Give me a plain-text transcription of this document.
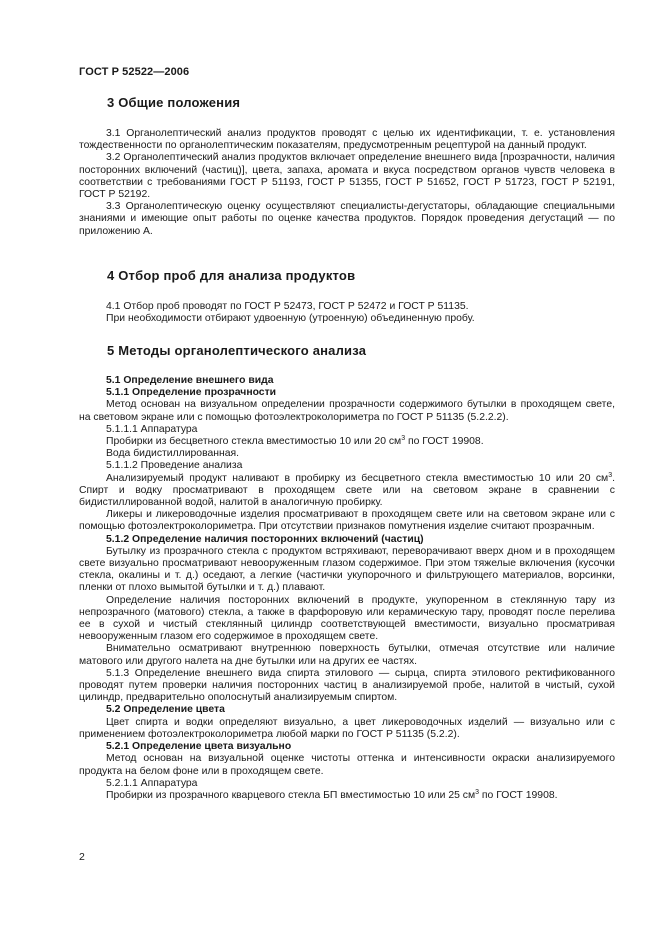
ГОСТ Р 52522—2006
3 Общие положения

3.1 Органолептический анализ продуктов проводят с целью их идентификации, т. е. установления тождественности по органолептическим показателям, предусмотренным рецептурой на данный продукт.

3.2 Органолептический анализ продуктов включает определение внешнего вида [прозрачности, наличия посторонних включений (частиц)], цвета, запаха, аромата и вкуса посредством органов чувств человека в соответствии с требованиями ГОСТ Р 51193, ГОСТ Р 51355, ГОСТ Р 51652, ГОСТ Р 51723, ГОСТ Р 52191, ГОСТ Р 52192.

3.3 Органолептическую оценку осуществляют специалисты-дегустаторы, обладающие специальными знаниями и имеющие опыт работы по оценке качества продуктов. Порядок проведения дегустаций — по приложению А.

4 Отбор проб для анализа продуктов

4.1 Отбор проб проводят по ГОСТ Р 52473, ГОСТ Р 52472 и ГОСТ Р 51135.

При необходимости отбирают удвоенную (утроенную) объединенную пробу.

5 Методы органолептического анализа

5.1 Определение внешнего вида

5.1.1 Определение прозрачности

Метод основан на визуальном определении прозрачности содержимого бутылки в проходящем свете, на световом экране или с помощью фотоэлектроколориметра по ГОСТ Р 51135 (5.2.2.2).

5.1.1.1 Аппаратура

Пробирки из бесцветного стекла вместимостью 10 или 20 $см^3$ по ГОСТ 19908.

Вода бидистиллированная.

5.1.1.2 Проведение анализа

Анализируемый продукт наливают в пробирку из бесцветного стекла вместимостью 10 или 20 $см^3$. Спирт и водку просматривают в проходящем свете или на световом экране в сравнении с бидистиллированной водой, налитой в аналогичную пробирку.

Ликеры и ликероводочные изделия просматривают в проходящем свете или на световом экране или с помощью фотоэлектроколориметра. При отсутствии признаков помутнения изделие считают прозрачным.

5.1.2 Определение наличия посторонних включений (частиц)

Бутылку из прозрачного стекла с продуктом встряхивают, переворачивают вверх дном и в проходящем свете визуально просматривают невооруженным глазом содержимое. При этом тяжелые включения (кусочки стекла, окалины и т. д.) оседают, а легкие (частички укупорочного и фильтрующего материалов, ворсинки, пленки от плохо вымытой бутылки и т. д.) плавают.

Определение наличия посторонних включений в продукте, укупоренном в стеклянную тару из непрозрачного (матового) стекла, а также в фарфоровую или керамическую тару, проводят после перелива ее в сухой и чистый стеклянный цилиндр соответствующей вместимости, визуально просматривая невооруженным глазом его содержимое в проходящем свете.

Внимательно осматривают внутреннюю поверхность бутылки, отмечая отсутствие или наличие матового или другого налета на дне бутылки или на других ее частях.

5.1.3 Определение внешнего вида спирта этилового — сырца, спирта этилового ректификованного проводят путем проверки наличия посторонних частиц в анализируемой пробе, налитой в чистый, сухой цилиндр, предварительно ополоснутый анализируемым спиртом.

5.2 Определение цвета

Цвет спирта и водки определяют визуально, а цвет ликероводочных изделий — визуально или с применением фотоэлектроколориметра любой марки по ГОСТ Р 51135 (5.2.2).

5.2.1 Определение цвета визуально

Метод основан на визуальной оценке чистоты оттенка и интенсивности окраски анализируемого продукта на белом фоне или в проходящем свете.

5.2.1.1 Аппаратура

Пробирки из прозрачного кварцевого стекла БП вместимостью 10 или 25 $см^3$ по ГОСТ 19908.

2
